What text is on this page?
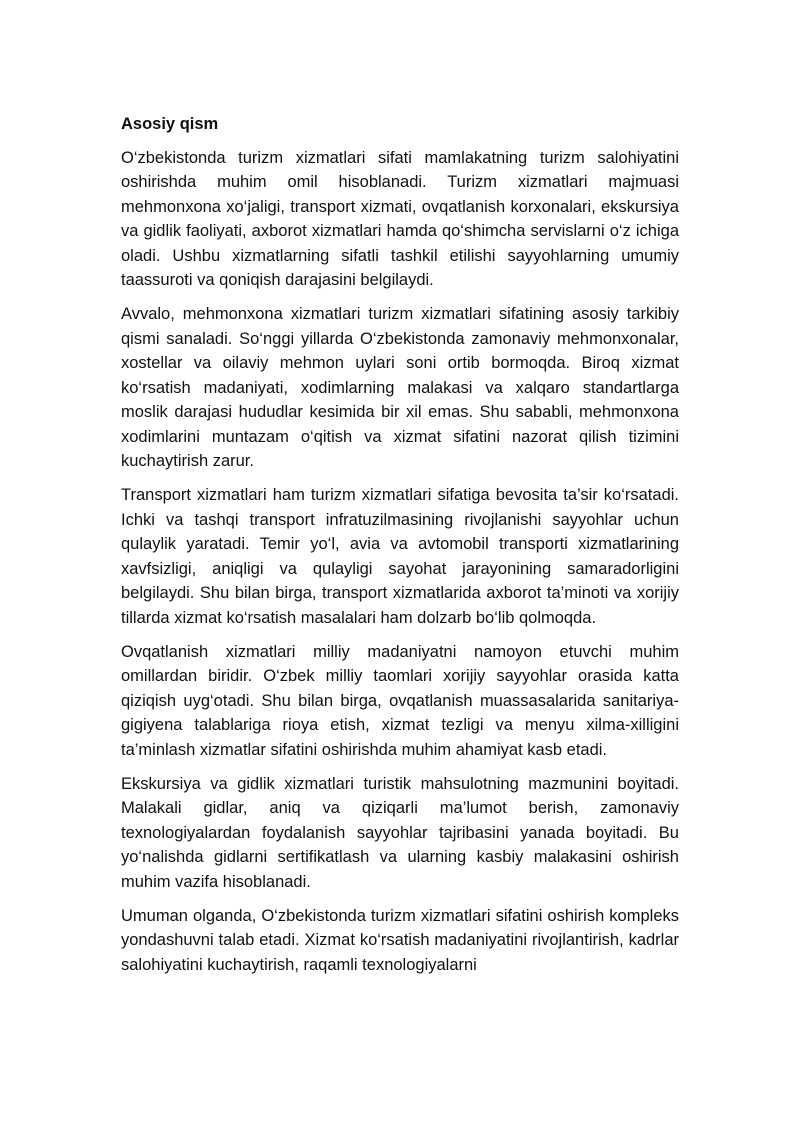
Asosiy qism

O‘zbekistonda turizm xizmatlari sifati mamlakatning turizm salohiyatini oshirishda muhim omil hisoblanadi. Turizm xizmatlari majmuasi mehmonxona xo‘jaligi, transport xizmati, ovqatlanish korxonalari, ekskursiya va gidlik faoliyati, axborot xizmatlari hamda qo‘shimcha servislarni o‘z ichiga oladi. Ushbu xizmatlarning sifatli tashkil etilishi sayyohlarning umumiy taassuroti va qoniqish darajasini belgilaydi.

Avvalo, mehmonxona xizmatlari turizm xizmatlari sifatining asosiy tarkibiy qismi sanaladi. So‘nggi yillarda O‘zbekistonda zamonaviy mehmonxonalar, xostellar va oilaviy mehmon uylari soni ortib bormoqda. Biroq xizmat ko‘rsatish madaniyati, xodimlarning malakasi va xalqaro standartlarga moslik darajasi hududlar kesimida bir xil emas. Shu sababli, mehmonxona xodimlarini muntazam o‘qitish va xizmat sifatini nazorat qilish tizimini kuchaytirish zarur.

Transport xizmatlari ham turizm xizmatlari sifatiga bevosita ta’sir ko‘rsatadi. Ichki va tashqi transport infratuzilmasining rivojlanishi sayyohlar uchun qulaylik yaratadi. Temir yo‘l, avia va avtomobil transporti xizmatlarining xavfsizligi, aniqligi va qulayligi sayohat jarayonining samaradorligini belgilaydi. Shu bilan birga, transport xizmatlarida axborot ta’minoti va xorijiy tillarda xizmat ko‘rsatish masalalari ham dolzarb bo‘lib qolmoqda.

Ovqatlanish xizmatlari milliy madaniyatni namoyon etuvchi muhim omillardan biridir. O‘zbek milliy taomlari xorijiy sayyohlar orasida katta qiziqish uyg‘otadi. Shu bilan birga, ovqatlanish muassasalarida sanitariya-gigiyena talablariga rioya etish, xizmat tezligi va menyu xilma-xilligini ta’minlash xizmatlar sifatini oshirishda muhim ahamiyat kasb etadi.

Ekskursiya va gidlik xizmatlari turistik mahsulotning mazmunini boyitadi. Malakali gidlar, aniq va qiziqarli ma’lumot berish, zamonaviy texnologiyalardan foydalanish sayyohlar tajribasini yanada boyitadi. Bu yo‘nalishda gidlarni sertifikatlash va ularning kasbiy malakasini oshirish muhim vazifa hisoblanadi.

Umuman olganda, O‘zbekistonda turizm xizmatlari sifatini oshirish kompleks yondashuvni talab etadi. Xizmat ko‘rsatish madaniyatini rivojlantirish, kadrlar salohiyatini kuchaytirish, raqamli texnologiyalarni
